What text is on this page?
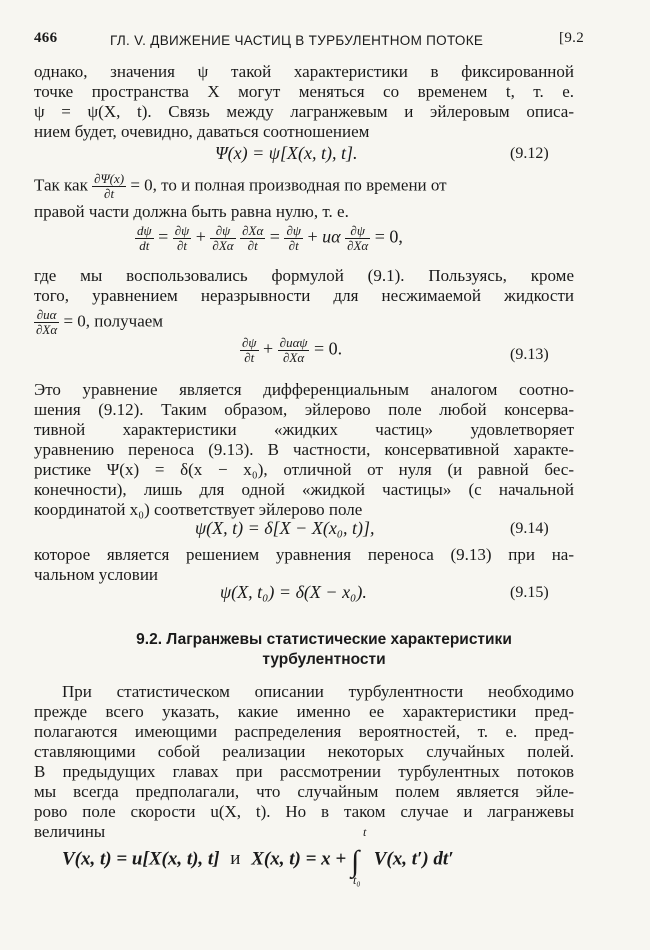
466	ГЛ. V. ДВИЖЕНИЕ ЧАСТИЦ В ТУРБУЛЕНТНОМ ПОТОКЕ	[9.2
однако, значения ψ такой характеристики в фиксированной
точке пространства X могут меняться со временем t, т. е.
ψ = ψ(X, t). Связь между лагранжевым и эйлеровым описа-
нием будет, очевидно, даваться соотношением
Ψ(x) = ψ[X(x, t), t].	(9.12)
Так как $\frac{\partial\Psi(x)}{\partial t} = 0$, то и полная производная по времени от
правой части должна быть равна нулю, т. е.
$\frac{d\psi}{dt} = \frac{\partial\psi}{\partial t} + \frac{\partial\psi}{\partial X\alpha}$
$\frac{\partial X\alpha}{\partial t} = \frac{\partial\psi}{\partial t} + u\alpha \frac{\partial\psi}{\partial X\alpha} = 0$,
где мы воспользовались формулой (9.1). Пользуясь, кроме
того, уравнением неразрывности для несжимаемой жидкости
$\frac{\partial u\alpha}{\partial X\alpha} = 0$, получаем
$\frac{\partial\psi}{\partial t} + \frac{\text{∂uαψ}}{\partial X\alpha} = 0$.	(9.13)
Это уравнение является дифференциальным аналогом соотно-
шения (9.12). Таким образом, эйлерово поле любой консерва-
тивной характеристики «жидких частиц» удовлетворяет
уравнению переноса (9.13). В частности, консервативной характе-
ристике Ψ(x) = δ(x − x₀), отличной от нуля (и равной бес-
конечности), лишь для одной «жидкой частицы» (с начальной
координатой x₀) соответствует эйлерово поле
ψ(X, t) = δ[X − X(x₀, t)],	(9.14)
которое является решением уравнения переноса (9.13) при на-
чальном условии
ψ(X, t₀) = δ(X − x₀).	(9.15)
9.2. Лагранжевы статистические характеристики
турбулентности
При статистическом описании турбулентности необходимо
прежде всего указать, какие именно ее характеристики пред-
полагаются имеющими распределения вероятностей, т. е. пред-
ставляющими собой реализации некоторых случайных полей.
В предыдущих главах при рассмотрении турбулентных потоков
мы всегда предполагали, что случайным полем является эйле-
рово поле скорости u(X, t). Но в таком случае и лагранжевы
величины
V(x, t) = u[X(x, t), t] и X(x, t) = x + ∫
t
t₀
V(x, t′) dt′
